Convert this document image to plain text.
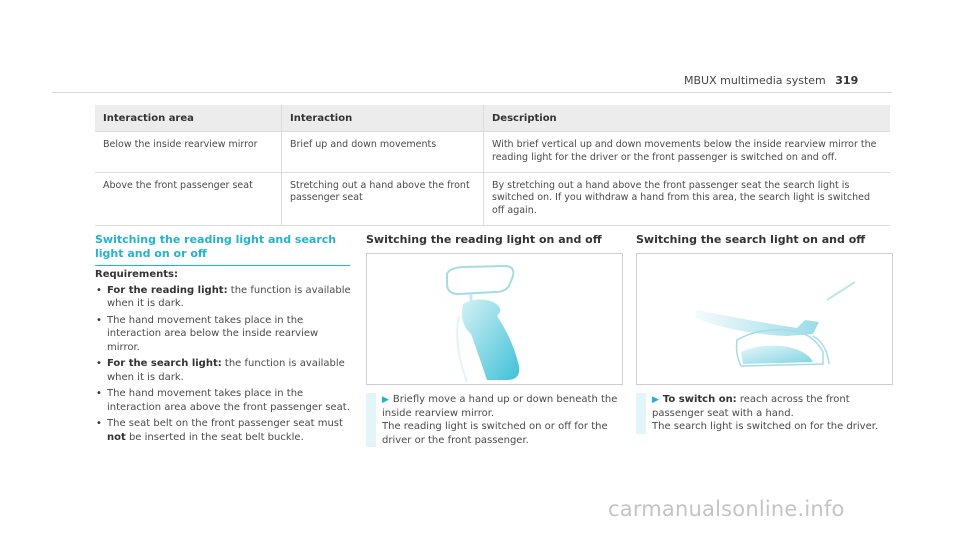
MBUX multimedia system 319
Interaction area	Interaction	Description
Below the inside rearview mirror	Brief up and down movements	With brief vertical up and down movements below the inside rearview mirror the reading light for the driver or the front passenger is switched on and off.
Above the front passenger seat	Stretching out a hand above the front passenger seat	By stretching out a hand above the front passenger seat the search light is switched on. If you withdraw a hand from this area, the search light is switched off again.
Switching the reading light and search light and on or off
Requirements:
• For the reading light: the function is available when it is dark.
• The hand movement takes place in the interaction area below the inside rearview mirror.
• For the search light: the function is available when it is dark.
• The hand movement takes place in the interaction area above the front passenger seat.
• The seat belt on the front passenger seat must not be inserted in the seat belt buckle.
Switching the reading light on and off
▶ Briefly move a hand up or down beneath the inside rearview mirror.
The reading light is switched on or off for the driver or the front passenger.
Switching the search light on and off
▶ To switch on: reach across the front passenger seat with a hand.
The search light is switched on for the driver.
carmanualsonline.info
